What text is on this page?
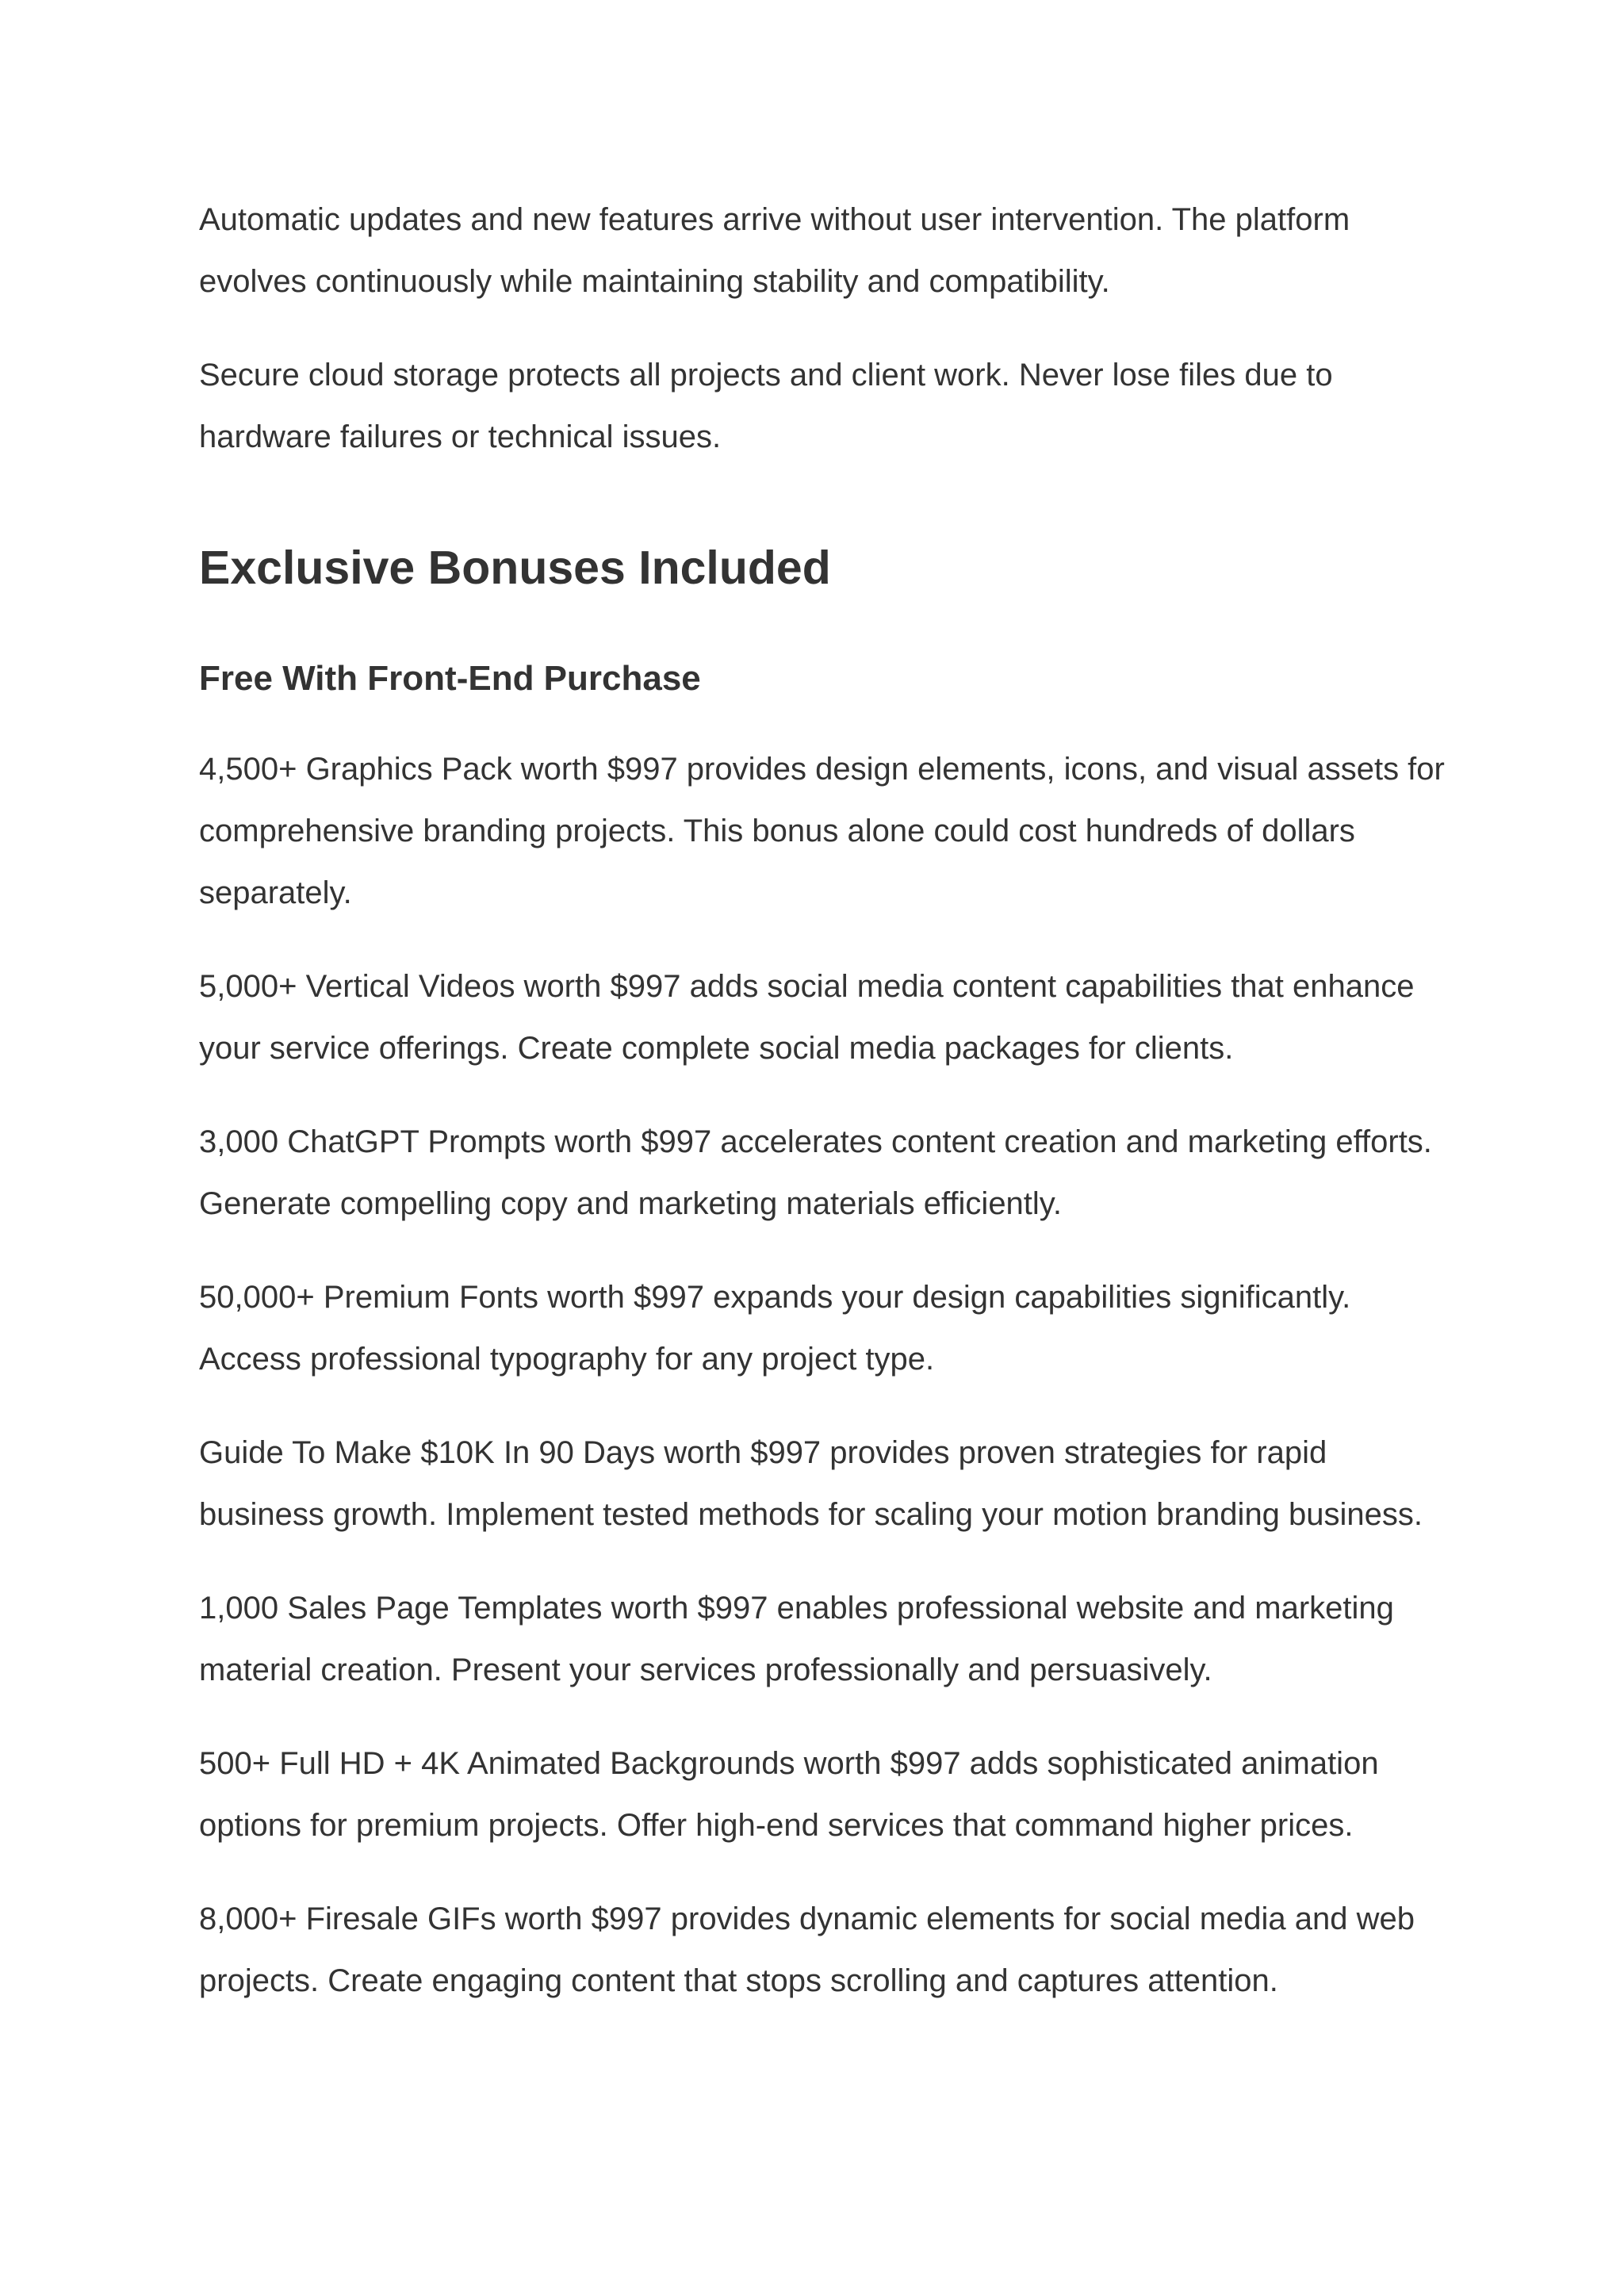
Automatic updates and new features arrive without user intervention. The platform evolves continuously while maintaining stability and compatibility.

Secure cloud storage protects all projects and client work. Never lose files due to hardware failures or technical issues.

Exclusive Bonuses Included
Free With Front-End Purchase

4,500+ Graphics Pack worth $997 provides design elements, icons, and visual assets for comprehensive branding projects. This bonus alone could cost hundreds of dollars separately.

5,000+ Vertical Videos worth $997 adds social media content capabilities that enhance your service offerings. Create complete social media packages for clients.

3,000 ChatGPT Prompts worth $997 accelerates content creation and marketing efforts. Generate compelling copy and marketing materials efficiently.

50,000+ Premium Fonts worth $997 expands your design capabilities significantly. Access professional typography for any project type.

Guide To Make $10K In 90 Days worth $997 provides proven strategies for rapid business growth. Implement tested methods for scaling your motion branding business.

1,000 Sales Page Templates worth $997 enables professional website and marketing material creation. Present your services professionally and persuasively.

500+ Full HD + 4K Animated Backgrounds worth $997 adds sophisticated animation options for premium projects. Offer high-end services that command higher prices.

8,000+ Firesale GIFs worth $997 provides dynamic elements for social media and web projects. Create engaging content that stops scrolling and captures attention.
